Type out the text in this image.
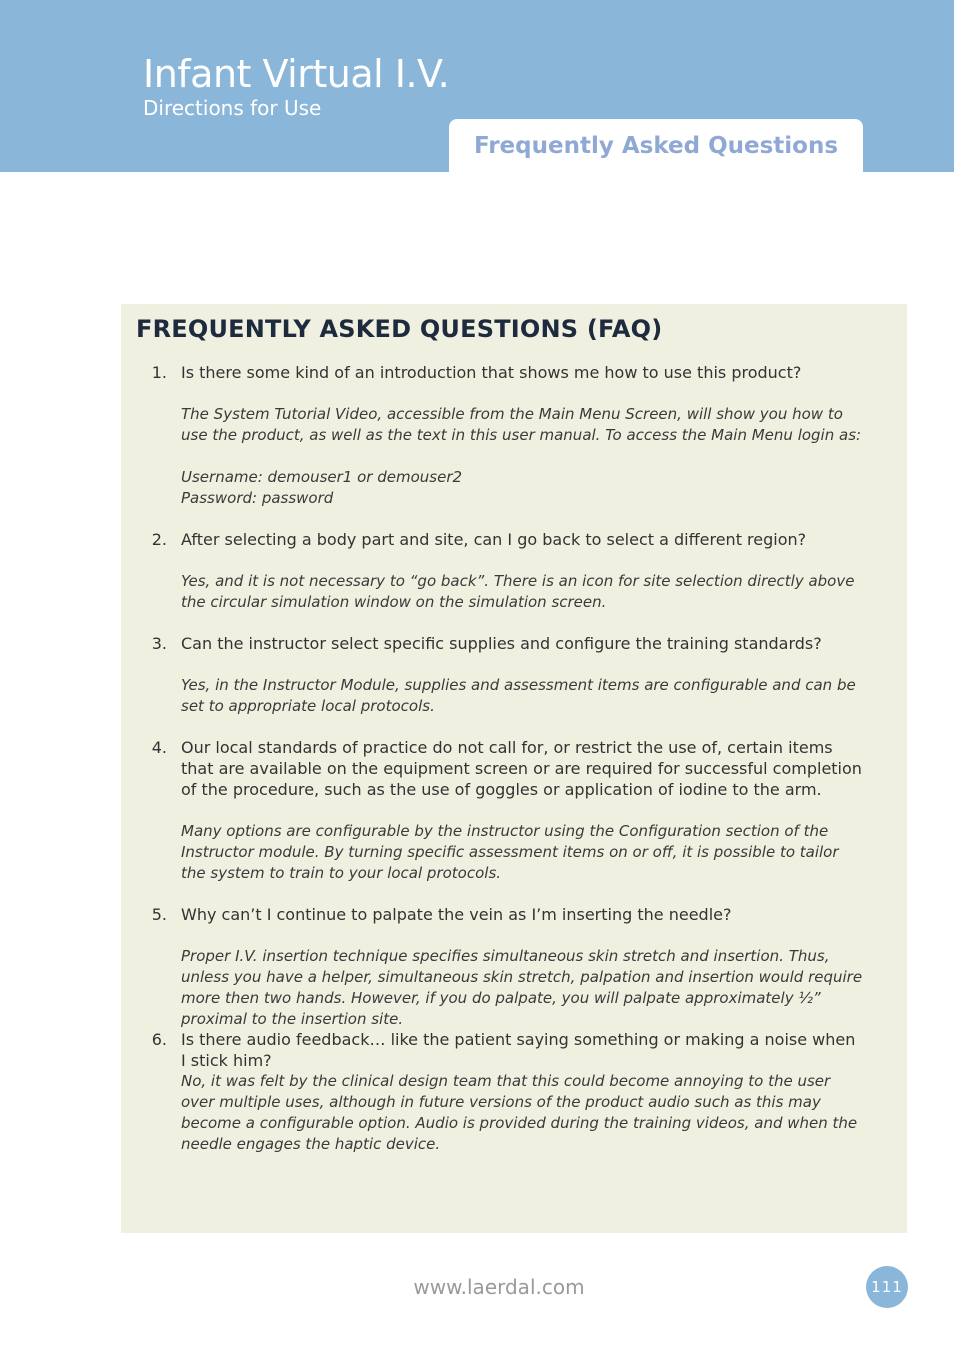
Infant Virtual I.V.
Directions for Use
Frequently Asked Questions
FREQUENTLY ASKED QUESTIONS (FAQ)
1. Is there some kind of an introduction that shows me how to use this product?

The System Tutorial Video, accessible from the Main Menu Screen, will show you how to use the product, as well as the text in this user manual. To access the Main Menu login as:

Username: demouser1 or demouser2
Password: password

2. After selecting a body part and site, can I go back to select a different region?

Yes, and it is not necessary to “go back”. There is an icon for site selection directly above the circular simulation window on the simulation screen.

3. Can the instructor select specific supplies and configure the training standards?

Yes, in the Instructor Module, supplies and assessment items are configurable and can be set to appropriate local protocols.

4. Our local standards of practice do not call for, or restrict the use of, certain items that are available on the equipment screen or are required for successful completion of the procedure, such as the use of goggles or application of iodine to the arm.

Many options are configurable by the instructor using the Configuration section of the Instructor module. By turning specific assessment items on or off, it is possible to tailor the system to train to your local protocols.

5. Why can’t I continue to palpate the vein as I’m inserting the needle?

Proper I.V. insertion technique specifies simultaneous skin stretch and insertion. Thus, unless you have a helper, simultaneous skin stretch, palpation and insertion would require more then two hands. However, if you do palpate, you will palpate approximately ½” proximal to the insertion site.

6. Is there audio feedback… like the patient saying something or making a noise when I stick him?

No, it was felt by the clinical design team that this could become annoying to the user over multiple uses, although in future versions of the product audio such as this may become a configurable option. Audio is provided during the training videos, and when the needle engages the haptic device.

www.laerdal.com	111
